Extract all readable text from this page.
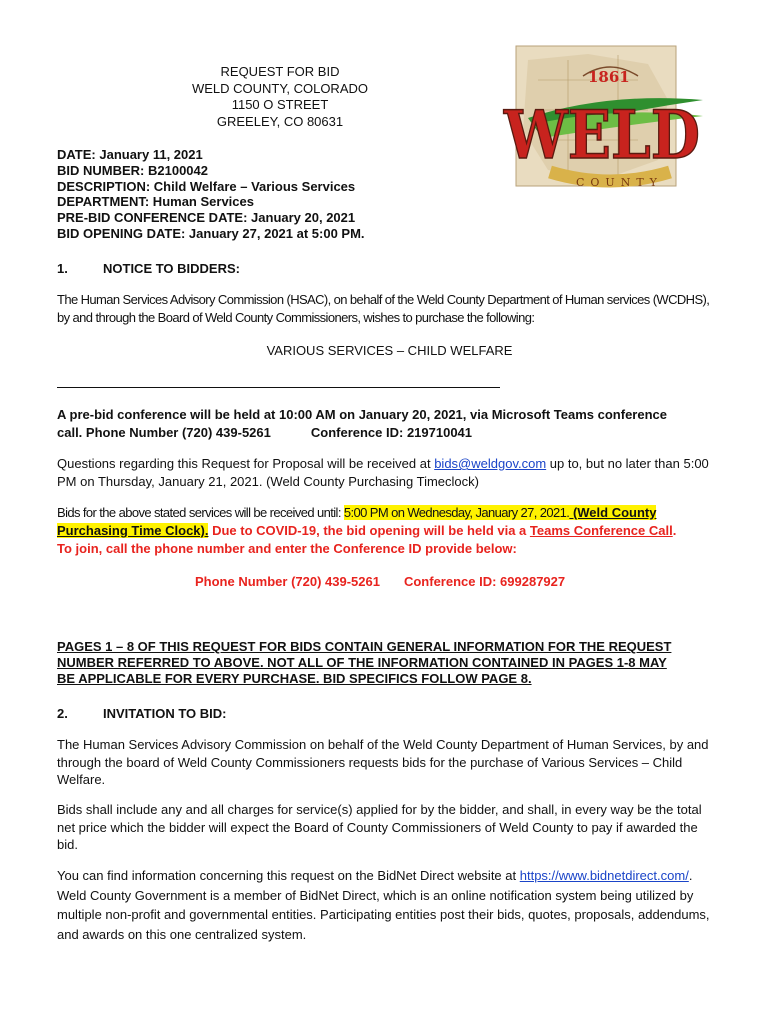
REQUEST FOR BID
WELD COUNTY, COLORADO
1150 O STREET
GREELEY, CO 80631
1861
WELD
COUNTY
DATE: January 11, 2021
BID NUMBER: B2100042
DESCRIPTION: Child Welfare – Various Services
DEPARTMENT: Human Services
PRE-BID CONFERENCE DATE: January 20, 2021
BID OPENING DATE: January 27, 2021 at 5:00 PM.
1.	NOTICE TO BIDDERS:
The Human Services Advisory Commission (HSAC), on behalf of the Weld County Department of Human services (WCDHS), by and through the Board of Weld County Commissioners, wishes to purchase the following:
VARIOUS SERVICES – CHILD WELFARE
A pre-bid conference will be held at 10:00 AM on January 20, 2021, via Microsoft Teams conference
call. Phone Number (720) 439-5261	Conference ID: 219710041
Questions regarding this Request for Proposal will be received at bids@weldgov.com up to, but no later than 5:00 PM on Thursday, January 21, 2021. (Weld County Purchasing Timeclock)
Bids for the above stated services will be received until: 5:00 PM on Wednesday, January 27, 2021. (Weld County Purchasing Time Clock). Due to COVID-19, the bid opening will be held via a Teams Conference Call.
To join, call the phone number and enter the Conference ID provide below:
Phone Number (720) 439-5261 Conference ID: 699287927
PAGES 1 – 8 OF THIS REQUEST FOR BIDS CONTAIN GENERAL INFORMATION FOR THE REQUEST
NUMBER REFERRED TO ABOVE. NOT ALL OF THE INFORMATION CONTAINED IN PAGES 1-8 MAY
BE APPLICABLE FOR EVERY PURCHASE. BID SPECIFICS FOLLOW PAGE 8.
2.	INVITATION TO BID:
The Human Services Advisory Commission on behalf of the Weld County Department of Human Services, by and through the board of Weld County Commissioners requests bids for the purchase of Various Services – Child Welfare.
Bids shall include any and all charges for service(s) applied for by the bidder, and shall, in every way be the total net price which the bidder will expect the Board of County Commissioners of Weld County to pay if awarded the bid.
You can find information concerning this request on the BidNet Direct website at https://www.bidnetdirect.com/. Weld County Government is a member of BidNet Direct, which is an online notification system being utilized by multiple non-profit and governmental entities. Participating entities post their bids, quotes, proposals, addendums, and awards on this one centralized system.
